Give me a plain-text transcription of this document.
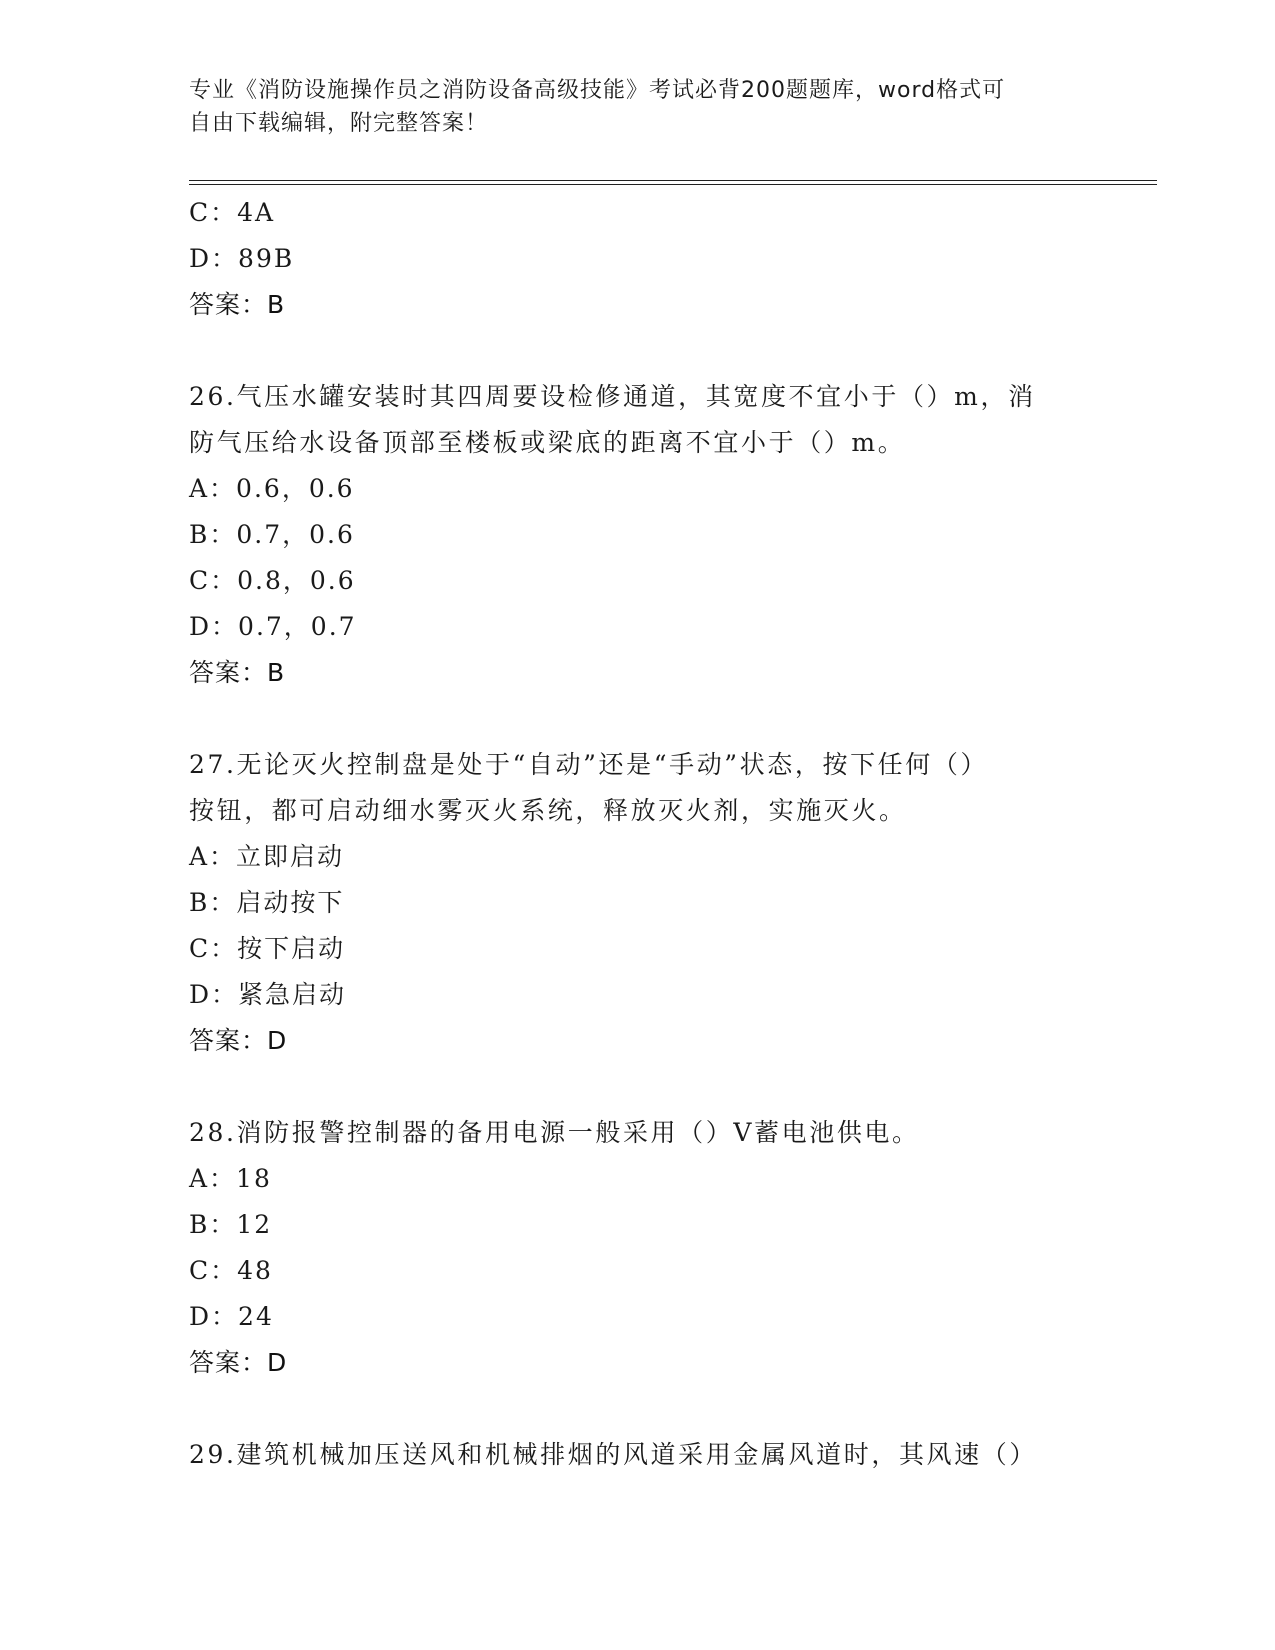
专业《消防设施操作员之消防设备高级技能》考试必背200题题库，word格式可
自由下载编辑，附完整答案！
C：4A
D：89B
答案：B
26.气压水罐安装时其四周要设检修通道，其宽度不宜小于（）m，消
防气压给水设备顶部至楼板或梁底的距离不宜小于（）m。
A：0.6，0.6
B：0.7，0.6
C：0.8，0.6
D：0.7，0.7
答案：B
27.无论灭火控制盘是处于“自动”还是“手动”状态，按下任何（）
按钮，都可启动细水雾灭火系统，释放灭火剂，实施灭火。
A：立即启动
B：启动按下
C：按下启动
D：紧急启动
答案：D
28.消防报警控制器的备用电源一般采用（）V蓄电池供电。
A：18
B：12
C：48
D：24
答案：D
29.建筑机械加压送风和机械排烟的风道采用金属风道时，其风速（）
